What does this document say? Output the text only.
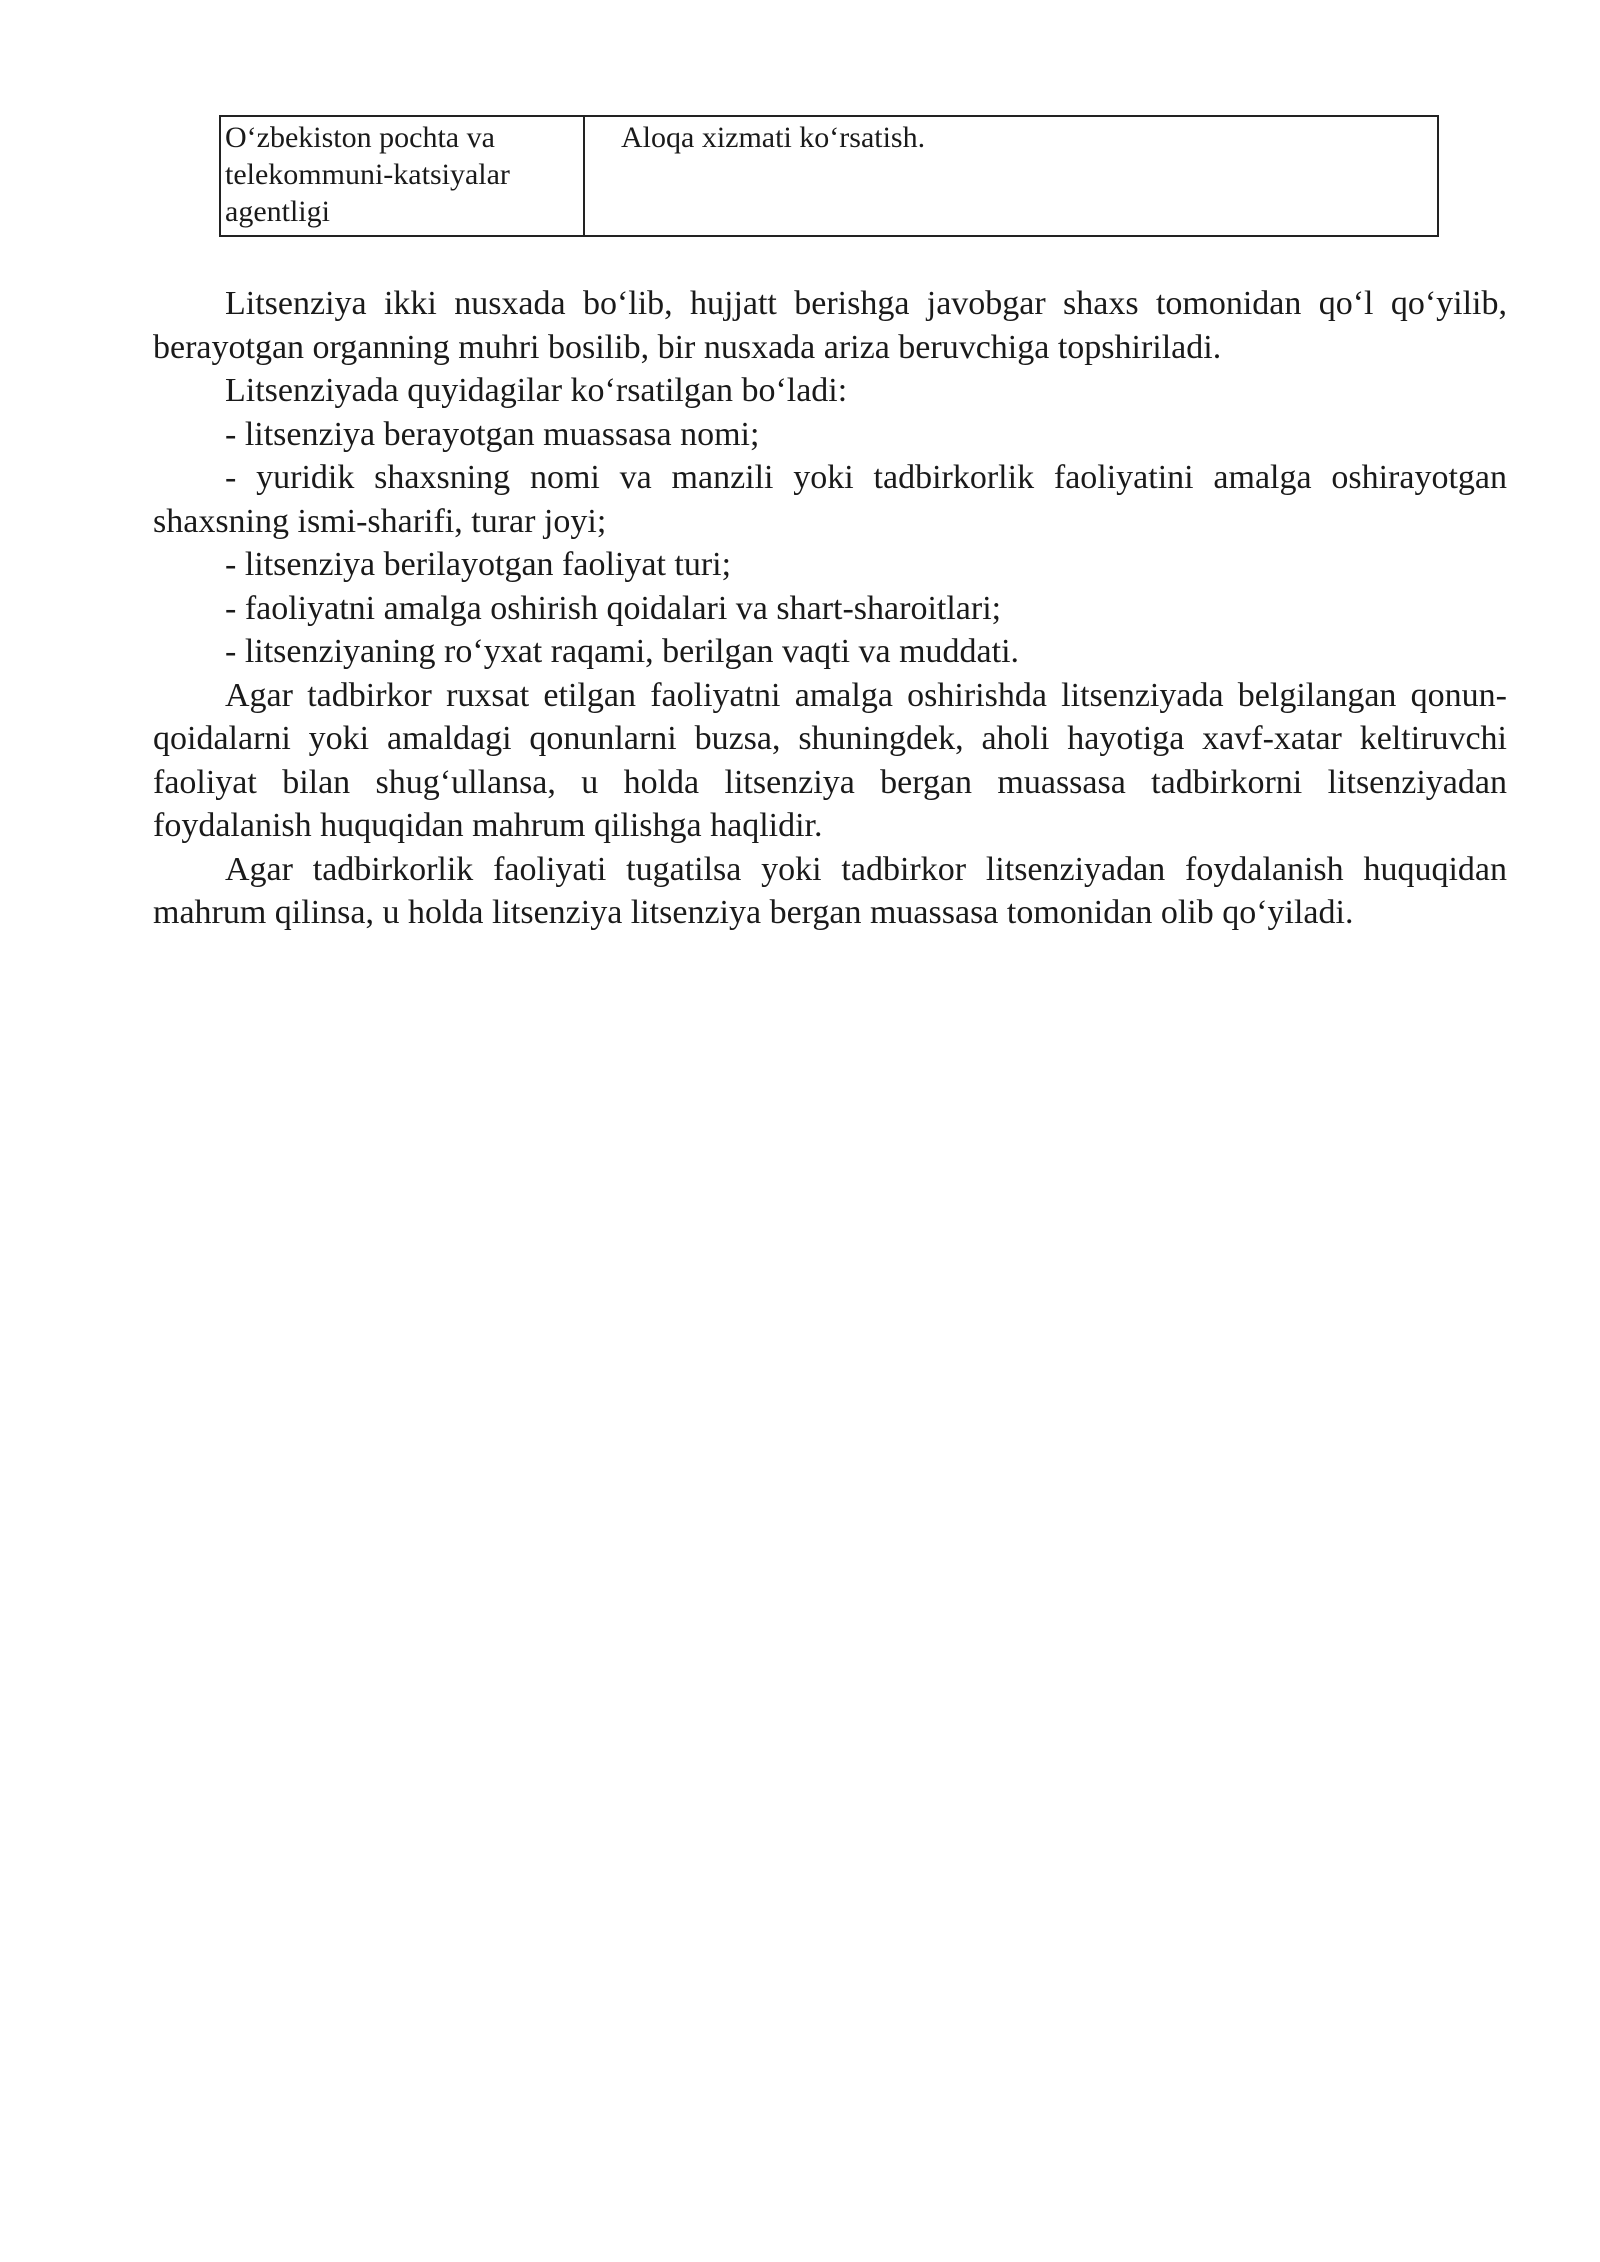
O‘zbekiston pochta va telekommuni-katsiyalar agentligi	Aloqa xizmati ko‘rsatish.

Litsenziya ikki nusxada bo‘lib, hujjatt berishga javobgar shaxs tomonidan qo‘l qo‘yilib, berayotgan organning muhri bosilib, bir nusxada ariza beruvchiga topshiriladi.

Litsenziyada quyidagilar ko‘rsatilgan bo‘ladi:

- litsenziya berayotgan muassasa nomi;

- yuridik shaxsning nomi va manzili yoki tadbirkorlik faoliyatini amalga oshirayotgan shaxsning ismi-sharifi, turar joyi;

- litsenziya berilayotgan faoliyat turi;

- faoliyatni amalga oshirish qoidalari va shart-sharoitlari;

- litsenziyaning ro‘yxat raqami, berilgan vaqti va muddati.

Agar tadbirkor ruxsat etilgan faoliyatni amalga oshirishda litsenziyada belgilangan qonun-qoidalarni yoki amaldagi qonunlarni buzsa, shuningdek, aholi hayotiga xavf-xatar keltiruvchi faoliyat bilan shug‘ullansa, u holda litsenziya bergan muassasa tadbirkorni litsenziyadan foydalanish huquqidan mahrum qilishga haqlidir.

Agar tadbirkorlik faoliyati tugatilsa yoki tadbirkor litsenziyadan foydalanish huquqidan mahrum qilinsa, u holda litsenziya litsenziya bergan muassasa tomonidan olib qo‘yiladi.
